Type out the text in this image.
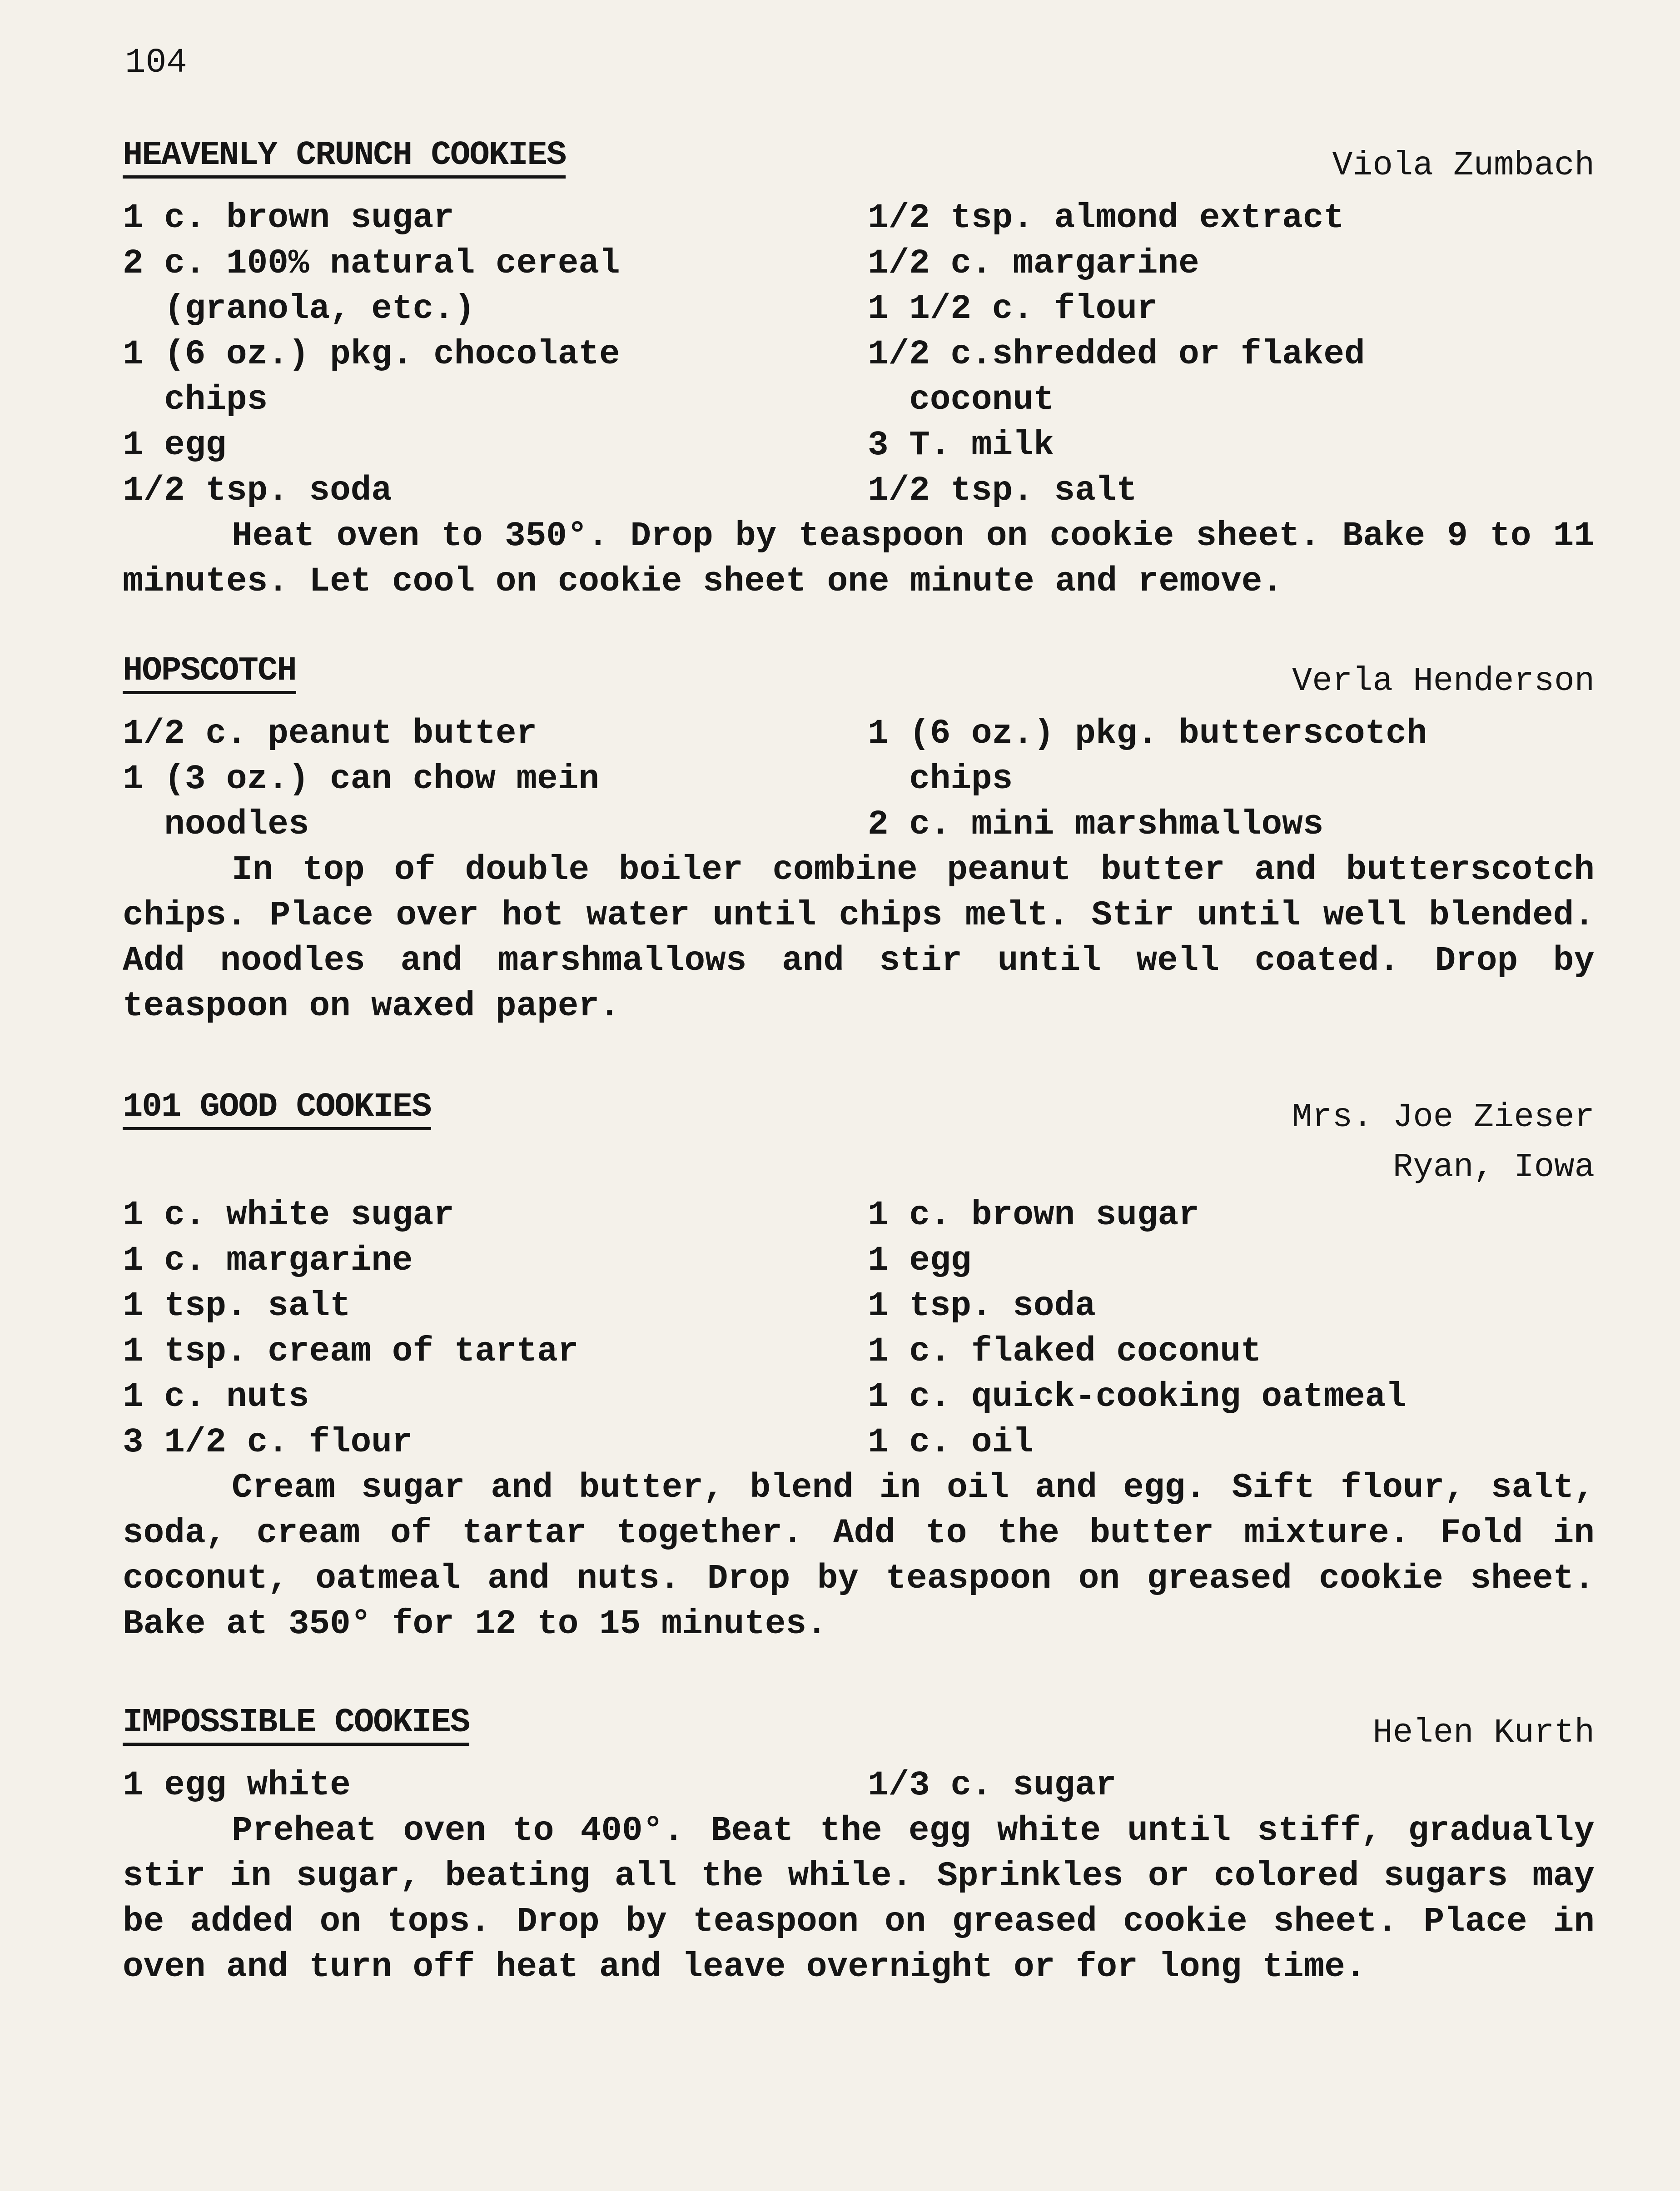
104
HEAVENLY CRUNCH COOKIES	Viola Zumbach
1 c. brown sugar
2 c. 100% natural cereal
(granola, etc.)
1 (6 oz.) pkg. chocolate
chips
1 egg
1/2 tsp. soda
1/2 tsp. almond extract
1/2 c. margarine
1 1/2 c. flour
1/2 c.shredded or flaked
coconut
3 T. milk
1/2 tsp. salt

Heat oven to 350°. Drop by teaspoon on cookie sheet. Bake 9 to 11 minutes. Let cool on cookie sheet one minute and remove.

HOPSCOTCH	Verla Henderson
1/2 c. peanut butter
1 (3 oz.) can chow mein
noodles
1 (6 oz.) pkg. butterscotch
chips
2 c. mini marshmallows

In top of double boiler combine peanut butter and butterscotch chips. Place over hot water until chips melt. Stir until well blended. Add noodles and marshmallows and stir until well coated. Drop by teaspoon on waxed paper.

101 GOOD COOKIES	Mrs. Joe Zieser
Ryan, Iowa
1 c. white sugar
1 c. margarine
1 tsp. salt
1 tsp. cream of tartar
1 c. nuts
3 1/2 c. flour
1 c. brown sugar
1 egg
1 tsp. soda
1 c. flaked coconut
1 c. quick-cooking oatmeal
1 c. oil

Cream sugar and butter, blend in oil and egg. Sift flour, salt, soda, cream of tartar together. Add to the butter mixture. Fold in coconut, oatmeal and nuts. Drop by teaspoon on greased cookie sheet. Bake at 350° for 12 to 15 minutes.

IMPOSSIBLE COOKIES	Helen Kurth
1 egg white	1/3 c. sugar

Preheat oven to 400°. Beat the egg white until stiff, gradually stir in sugar, beating all the while. Sprinkles or colored sugars may be added on tops. Drop by teaspoon on greased cookie sheet. Place in oven and turn off heat and leave overnight or for long time.
